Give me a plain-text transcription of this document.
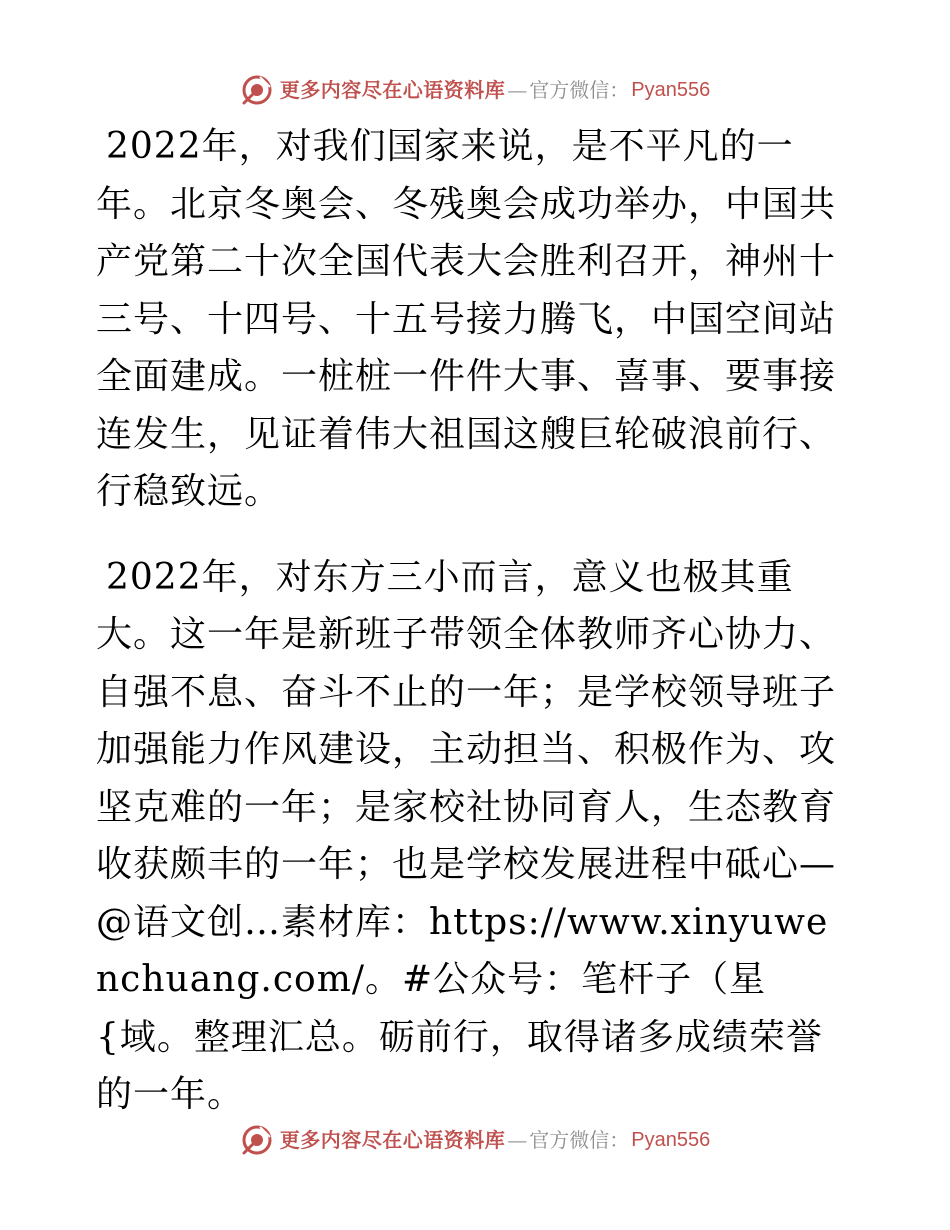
更多内容尽在心语资料库 — 官方微信： Pyan556

2022年，对我们国家来说，是不平凡的一年。北京冬奥会、冬残奥会成功举办，中国共产党第二十次全国代表大会胜利召开，神州十三号、十四号、十五号接力腾飞，中国空间站全面建成。一桩桩一件件大事、喜事、要事接连发生，见证着伟大祖国这艘巨轮破浪前行、行稳致远。

2022年，对东方三小而言，意义也极其重大。这一年是新班子带领全体教师齐心协力、自强不息、奋斗不止的一年；是学校领导班子加强能力作风建设，主动担当、积极作为、攻坚克难的一年；是家校社协同育人，生态教育收获颇丰的一年；也是学校发展进程中砥心—@语文创…素材库：https://www.xinyuwenchuang.com/。#公众号：笔杆子（星{域。整理汇总。砺前行，取得诸多成绩荣誉的一年。

更多内容尽在心语资料库 — 官方微信： Pyan556
